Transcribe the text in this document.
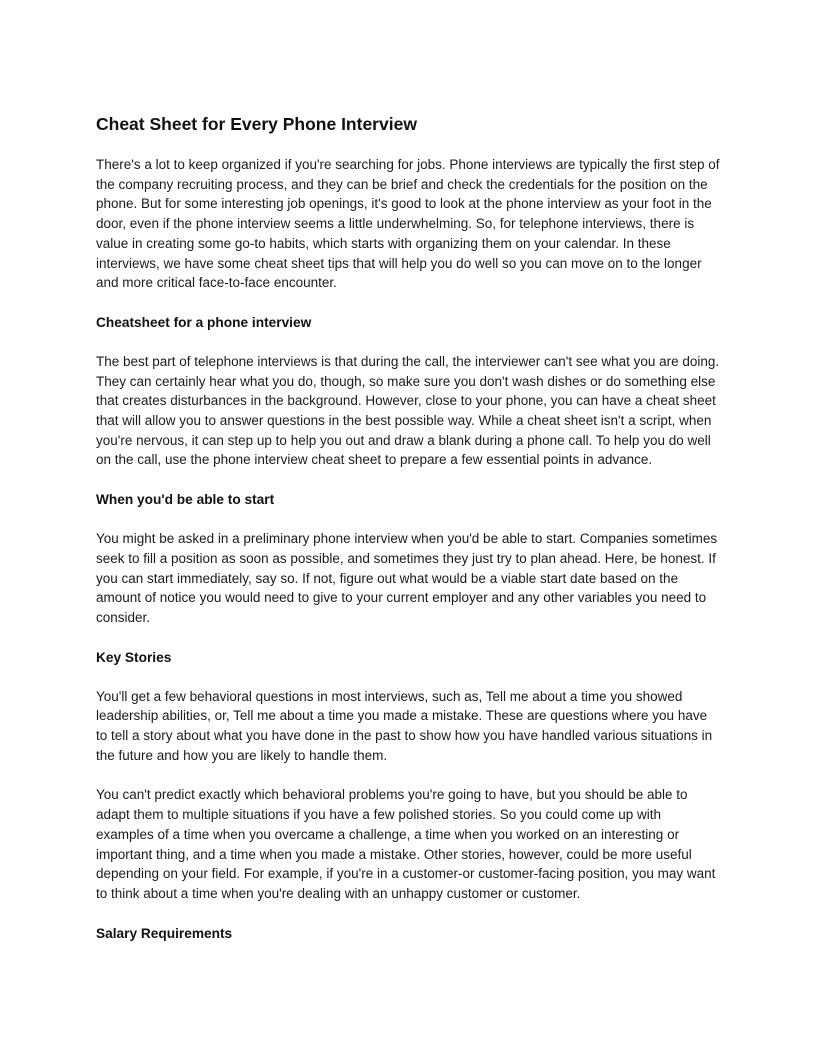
Cheat Sheet for Every Phone Interview

There's a lot to keep organized if you're searching for jobs. Phone interviews are typically the first step of the company recruiting process, and they can be brief and check the credentials for the position on the phone. But for some interesting job openings, it's good to look at the phone interview as your foot in the door, even if the phone interview seems a little underwhelming. So, for telephone interviews, there is value in creating some go-to habits, which starts with organizing them on your calendar. In these interviews, we have some cheat sheet tips that will help you do well so you can move on to the longer and more critical face-to-face encounter.

Cheatsheet for a phone interview

The best part of telephone interviews is that during the call, the interviewer can't see what you are doing. They can certainly hear what you do, though, so make sure you don't wash dishes or do something else that creates disturbances in the background. However, close to your phone, you can have a cheat sheet that will allow you to answer questions in the best possible way. While a cheat sheet isn't a script, when you're nervous, it can step up to help you out and draw a blank during a phone call. To help you do well on the call, use the phone interview cheat sheet to prepare a few essential points in advance.

When you'd be able to start

You might be asked in a preliminary phone interview when you'd be able to start. Companies sometimes seek to fill a position as soon as possible, and sometimes they just try to plan ahead. Here, be honest. If you can start immediately, say so. If not, figure out what would be a viable start date based on the amount of notice you would need to give to your current employer and any other variables you need to consider.

Key Stories

You'll get a few behavioral questions in most interviews, such as, Tell me about a time you showed leadership abilities, or, Tell me about a time you made a mistake. These are questions where you have to tell a story about what you have done in the past to show how you have handled various situations in the future and how you are likely to handle them.

You can't predict exactly which behavioral problems you're going to have, but you should be able to adapt them to multiple situations if you have a few polished stories. So you could come up with examples of a time when you overcame a challenge, a time when you worked on an interesting or important thing, and a time when you made a mistake. Other stories, however, could be more useful depending on your field. For example, if you're in a customer-or customer-facing position, you may want to think about a time when you're dealing with an unhappy customer or customer.

Salary Requirements
